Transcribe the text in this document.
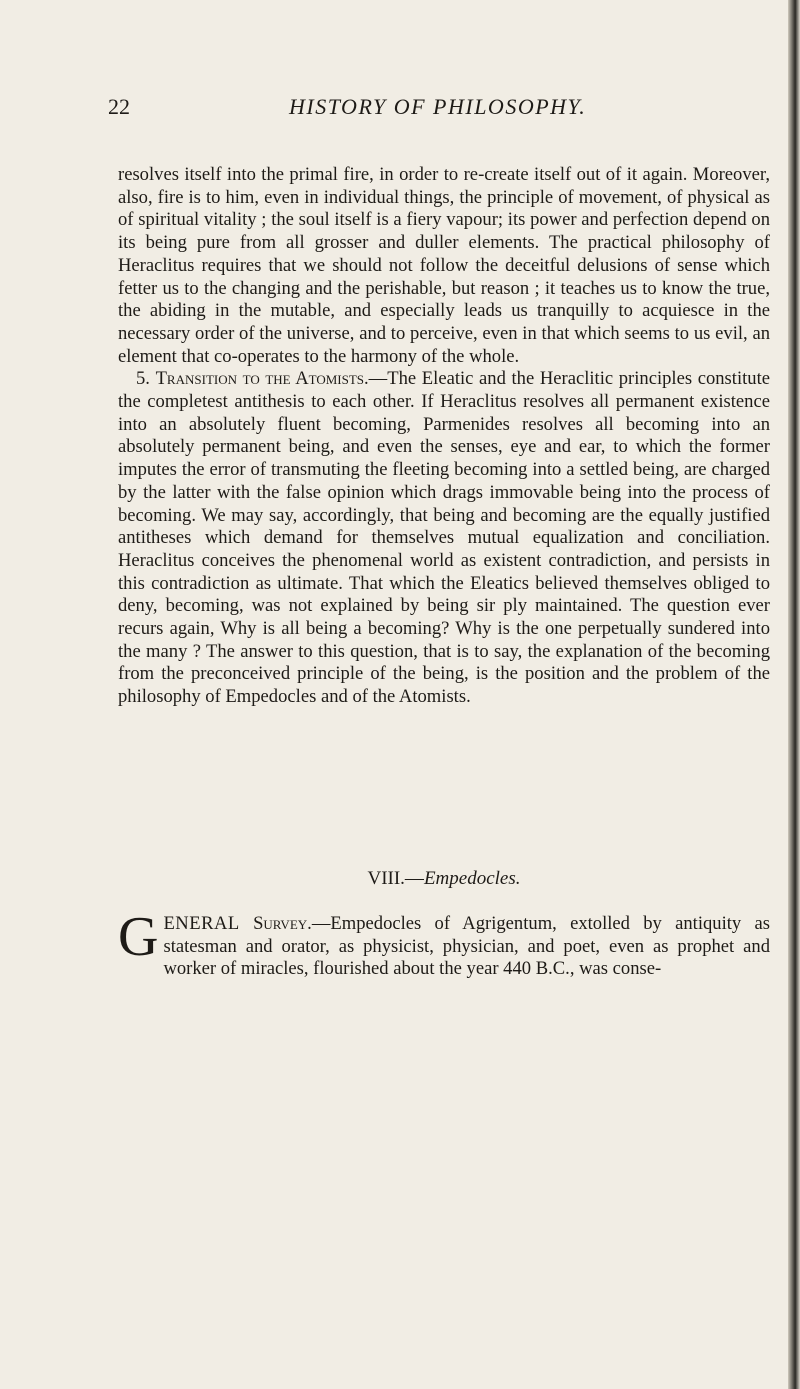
22	HISTORY OF PHILOSOPHY.

resolves itself into the primal fire, in order to re-create itself out of it again. Moreover, also, fire is to him, even in individual things, the principle of movement, of physical as of spiritual vitality ; the soul itself is a fiery vapour; its power and perfection depend on its being pure from all grosser and duller elements. The practical philosophy of Heraclitus requires that we should not follow the deceitful delusions of sense which fetter us to the changing and the perishable, but reason ; it teaches us to know the true, the abiding in the mutable, and especially leads us tranquilly to acquiesce in the necessary order of the universe, and to perceive, even in that which seems to us evil, an element that co-operates to the harmony of the whole.

5. Transition to the Atomists.—The Eleatic and the Heraclitic principles constitute the completest antithesis to each other. If Heraclitus resolves all permanent existence into an absolutely fluent becoming, Parmenides resolves all becoming into an absolutely permanent being, and even the senses, eye and ear, to which the former imputes the error of transmuting the fleeting becoming into a settled being, are charged by the latter with the false opinion which drags immovable being into the process of becoming. We may say, accordingly, that being and becoming are the equally justified antitheses which demand for themselves mutual equalization and conciliation. Heraclitus conceives the phenomenal world as existent contradiction, and persists in this contradiction as ultimate. That which the Eleatics believed themselves obliged to deny, becoming, was not explained by being sir ply maintained. The question ever recurs again, Why is all being a becoming? Why is the one perpetually sundered into the many ? The answer to this question, that is to say, the explanation of the becoming from the preconceived principle of the being, is the position and the problem of the philosophy of Empedocles and of the Atomists.

VIII.—Empedocles.
GENERAL Survey.—Empedocles of Agrigentum, extolled by antiquity as statesman and orator, as physicist, physician, and poet, even as prophet and worker of miracles, flourished about the year 440 B.C., was conse-
